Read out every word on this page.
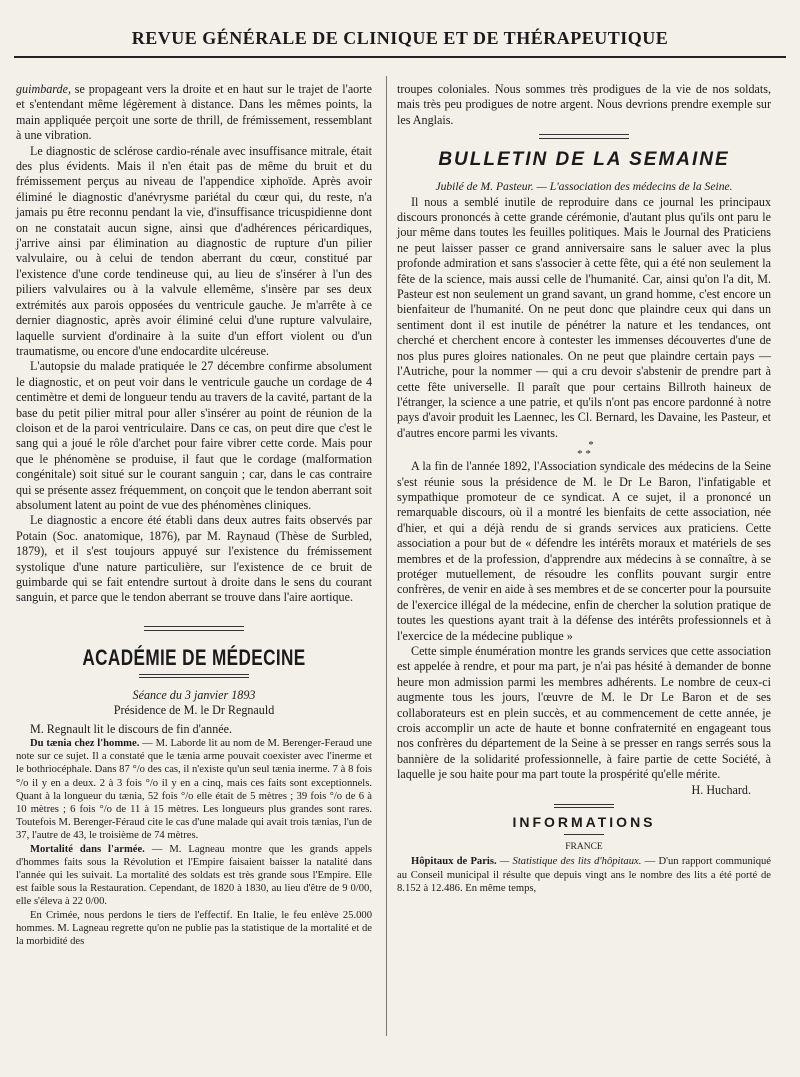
REVUE GÉNÉRALE DE CLINIQUE ET DE THÉRAPEUTIQUE

guimbarde, se propageant vers la droite et en haut sur le trajet de l'aorte et s'entendant même légèrement à distance. Dans les mêmes points, la main appliquée perçoit une sorte de thrill, de frémissement, ressemblant à une vibration.

Le diagnostic de sclérose cardio-rénale avec insuffisance mitrale, était des plus évidents. Mais il n'en était pas de même du bruit et du frémissement perçus au niveau de l'appendice xiphoïde. Après avoir éliminé le diagnostic d'anévrysme pariétal du cœur qui, du reste, n'a jamais pu être reconnu pendant la vie, d'insuffisance tricuspidienne dont on ne constatait aucun signe, ainsi que d'adhérences péricardiques, j'arrive ainsi par élimination au diagnostic de rupture d'un pilier valvulaire, ou à celui de tendon aberrant du cœur, constitué par l'existence d'une corde tendineuse qui, au lieu de s'insérer à l'un des piliers valvulaires ou à la valvule ellemême, s'insère par ses deux extrémités aux parois opposées du ventricule gauche. Je m'arrête à ce dernier diagnostic, après avoir éliminé celui d'une rupture valvulaire, laquelle survient d'ordinaire à la suite d'un effort violent ou d'un traumatisme, ou encore d'une endocardite ulcéreuse.

L'autopsie du malade pratiquée le 27 décembre confirme absolument le diagnostic, et on peut voir dans le ventricule gauche un cordage de 4 centimètre et demi de longueur tendu au travers de la cavité, partant de la base du petit pilier mitral pour aller s'insérer au point de réunion de la cloison et de la paroi ventriculaire. Dans ce cas, on peut dire que c'est le sang qui a joué le rôle d'archet pour faire vibrer cette corde. Mais pour que le phénomène se produise, il faut que le cordage (malformation congénitale) soit situé sur le courant sanguin ; car, dans le cas contraire qui se présente assez fréquemment, on conçoit que le tendon aberrant soit absolument latent au point de vue des phénomènes cliniques.

Le diagnostic a encore été établi dans deux autres faits observés par Potain (Soc. anatomique, 1876), par M. Raynaud (Thèse de Surbled, 1879), et il s'est toujours appuyé sur l'existence du frémissement systolique d'une nature particulière, sur l'existence de ce bruit de guimbarde qui se fait entendre surtout à droite dans le sens du courant sanguin, et parce que le tendon aberrant se trouve dans l'aire aortique.

ACADÉMIE DE MÉDECINE

Séance du 3 janvier 1893

Présidence de M. le Dr Regnauld

M. Regnault lit le discours de fin d'année.

Du tænia chez l'homme. — M. Laborde lit au nom de M. Berenger-Feraud une note sur ce sujet. Il a constaté que le tænia arme pouvait coexister avec l'inerme et le bothriocéphale. Dans 87 °/o des cas, il n'existe qu'un seul tænia inerme. 7 à 8 fois °/o il y en a deux. 2 à 3 fois °/o il y en a cinq, mais ces faits sont exceptionnels. Quant à la longueur du tænia, 52 fois °/o elle était de 5 mètres ; 39 fois °/o de 6 à 10 mètres ; 6 fois °/o de 11 à 15 mètres. Les longueurs plus grandes sont rares. Toutefois M. Berenger-Féraud cite le cas d'une malade qui avait trois tænias, l'un de 37, l'autre de 43, le troisième de 74 mètres.

Mortalité dans l'armée. — M. Lagneau montre que les grands appels d'hommes faits sous la Révolution et l'Empire faisaient baisser la natalité dans l'année qui les suivait. La mortalité des soldats est très grande sous l'Empire. Elle est faible sous la Restauration. Cependant, de 1820 à 1830, au lieu d'être de 9 0/00, elle s'éleva à 22 0/00.

En Crimée, nous perdons le tiers de l'effectif. En Italie, le feu enlève 25.000 hommes. M. Lagneau regrette qu'on ne publie pas la statistique de la mortalité et de la morbidité des

troupes coloniales. Nous sommes très prodigues de la vie de nos soldats, mais très peu prodigues de notre argent. Nous devrions prendre exemple sur les Anglais.

BULLETIN DE LA SEMAINE

Jubilé de M. Pasteur. — L'association des médecins de la Seine.

Il nous a semblé inutile de reproduire dans ce journal les principaux discours prononcés à cette grande cérémonie, d'autant plus qu'ils ont paru le jour même dans toutes les feuilles politiques. Mais le Journal des Praticiens ne peut laisser passer ce grand anniversaire sans le saluer avec la plus profonde admiration et sans s'associer à cette fête, qui a été non seulement la fête de la science, mais aussi celle de l'humanité. Car, ainsi qu'on l'a dit, M. Pasteur est non seulement un grand savant, un grand homme, c'est encore un bienfaiteur de l'humanité. On ne peut donc que plaindre ceux qui dans un sentiment dont il est inutile de pénétrer la nature et les tendances, ont cherché et cherchent encore à contester les immenses découvertes d'une de nos plus pures gloires nationales. On ne peut que plaindre certain pays — l'Autriche, pour la nommer — qui a cru devoir s'abstenir de prendre part à cette fête universelle. Il paraît que pour certains Billroth haineux de l'étranger, la science a une patrie, et qu'ils n'ont pas encore pardonné à notre pays d'avoir produit les Laennec, les Cl. Bernard, les Davaine, les Pasteur, et d'autres encore parmi les vivants.

*
* *

A la fin de l'année 1892, l'Association syndicale des médecins de la Seine s'est réunie sous la présidence de M. le Dr Le Baron, l'infatigable et sympathique promoteur de ce syndicat. A ce sujet, il a prononcé un remarquable discours, où il a montré les bienfaits de cette association, née d'hier, et qui a déjà rendu de si grands services aux praticiens. Cette association a pour but de « défendre les intérêts moraux et matériels de ses membres et de la profession, d'apprendre aux médecins à se connaître, à se protéger mutuellement, de résoudre les conflits pouvant surgir entre confrères, de venir en aide à ses membres et de se concerter pour la poursuite de l'exercice illégal de la médecine, enfin de chercher la solution pratique de toutes les questions ayant trait à la défense des intérêts professionnels et à l'exercice de la médecine publique »

Cette simple énumération montre les grands services que cette association est appelée à rendre, et pour ma part, je n'ai pas hésité à demander de bonne heure mon admission parmi les membres adhérents. Le nombre de ceux-ci augmente tous les jours, l'œuvre de M. le Dr Le Baron et de ses collaborateurs est en plein succès, et au commencement de cette année, je crois accomplir un acte de haute et bonne confraternité en engageant tous nos confrères du département de la Seine à se presser en rangs serrés sous la bannière de la solidarité professionnelle, à faire partie de cette Société, à laquelle je sou haite pour ma part toute la prospérité qu'elle mérite.

H. Huchard.

INFORMATIONS

FRANCE

Hôpitaux de Paris. — Statistique des lits d'hôpitaux. — D'un rapport communiqué au Conseil municipal il résulte que depuis vingt ans le nombre des lits a été porté de 8.152 à 12.486. En même temps,
